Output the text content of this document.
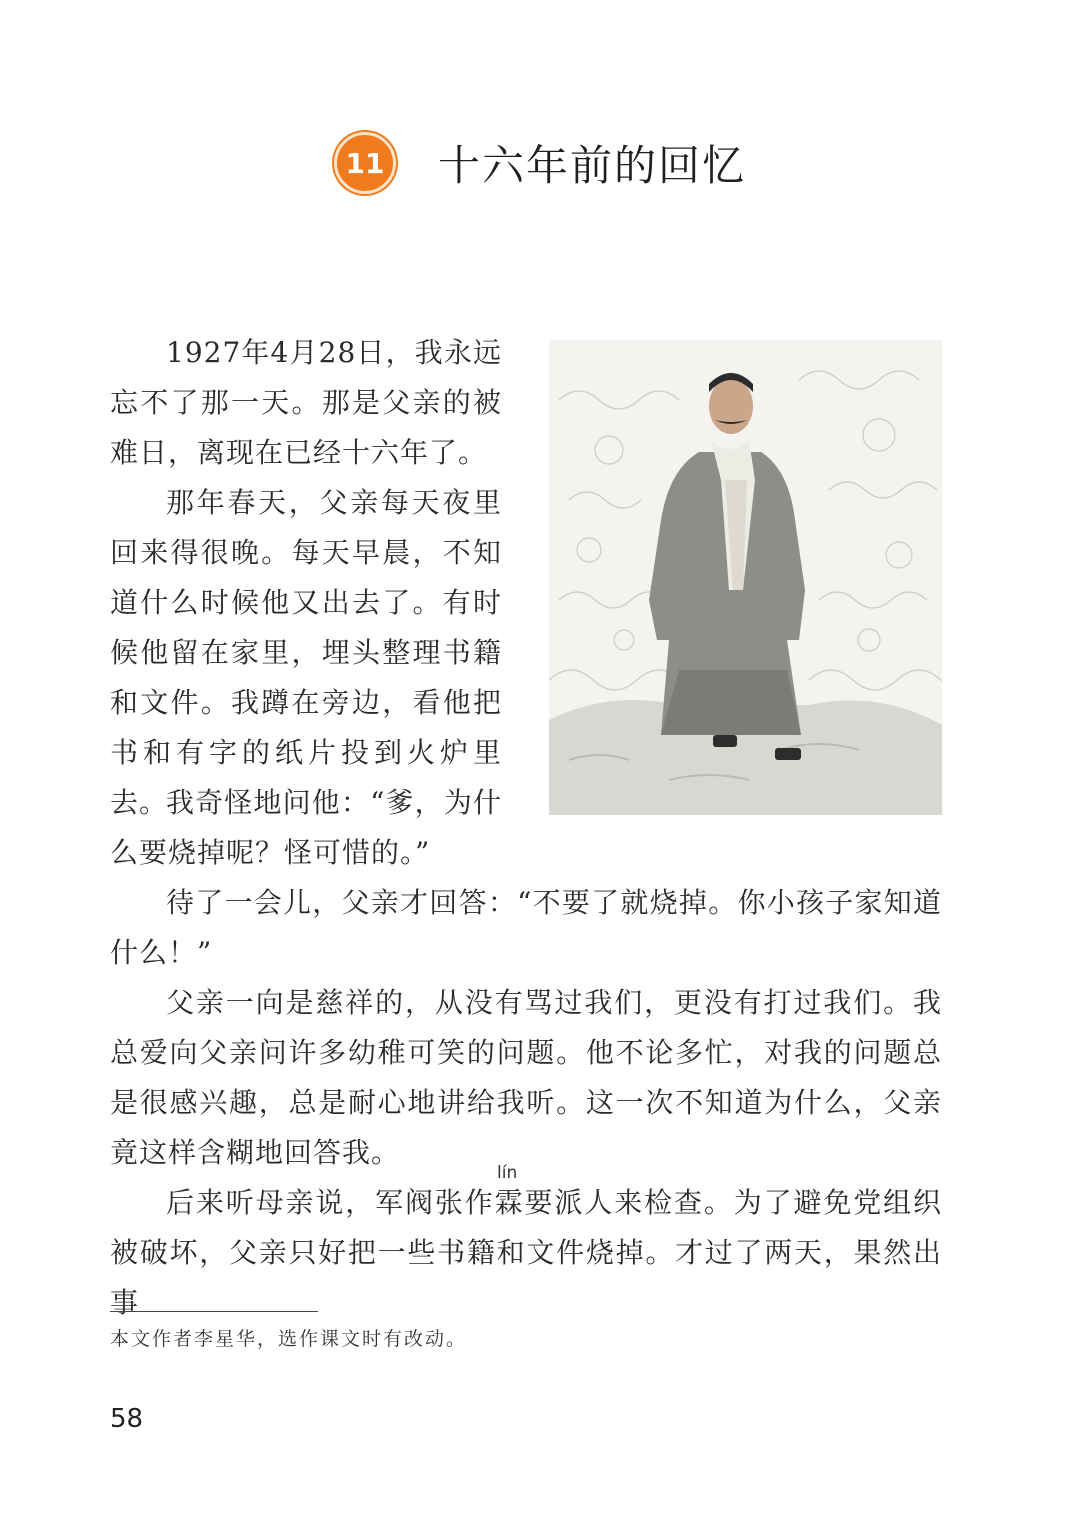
11 十六年前的回忆

1927年4月28日，我永远忘不了那一天。那是父亲的被难日，离现在已经十六年了。

那年春天，父亲每天夜里回来得很晚。每天早晨，不知道什么时候他又出去了。有时候他留在家里，埋头整理书籍和文件。我蹲在旁边，看他把书和有字的纸片投到火炉里去。

我奇怪地问他：“爹，为什么要烧掉呢？怪可惜的。”

待了一会儿，父亲才回答：“不要了就烧掉。你小孩子家知道什么！”

父亲一向是慈祥的，从没有骂过我们，更没有打过我们。我总爱向父亲问许多幼稚可笑的问题。他不论多忙，对我的问题总是很感兴趣，总是耐心地讲给我听。这一次不知道为什么，父亲竟这样含糊地回答我。

后来听母亲说，军阀张作霖要派人来检查。为了避免党组织被破坏，父亲只好把一些书籍和文件烧掉。才过了两天，果然出事

lín
本文作者李星华，选作课文时有改动。
58
